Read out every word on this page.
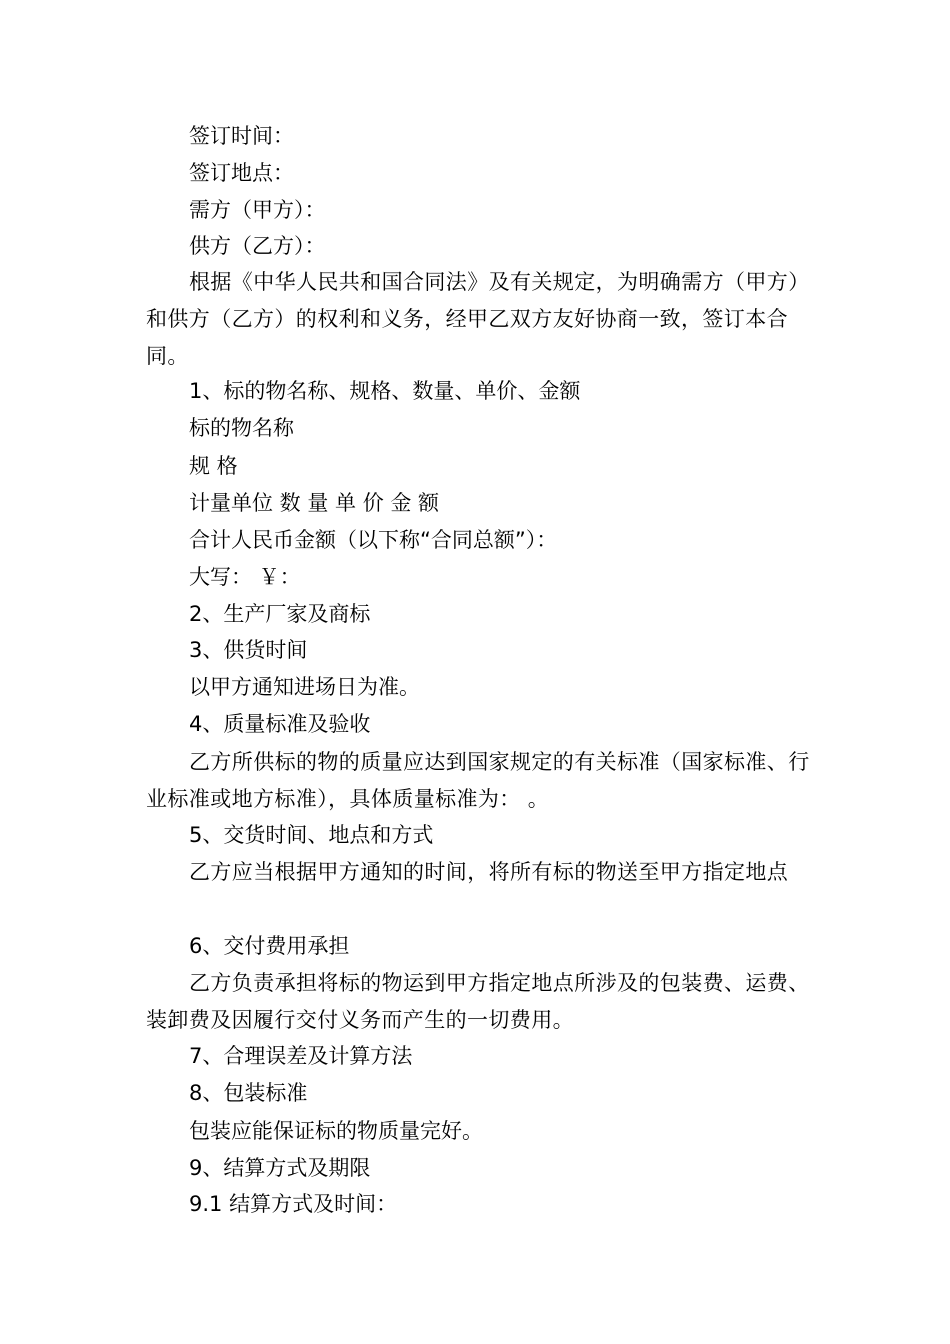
签订时间：
签订地点：
需方（甲方）：
供方（乙方）：
根据《中华人民共和国合同法》及有关规定，为明确需方（甲方）和供方（乙方）的权利和义务，经甲乙双方友好协商一致，签订本合同。
1、标的物名称、规格、数量、单价、金额
标的物名称
规 格
计量单位 数 量 单 价 金 额
合计人民币金额（以下称“合同总额”）：
大写： ￥：
2、生产厂家及商标
3、供货时间
以甲方通知进场日为准。
4、质量标准及验收
乙方所供标的物的质量应达到国家规定的有关标准（国家标准、行业标准或地方标准），具体质量标准为： 。
5、交货时间、地点和方式
乙方应当根据甲方通知的时间，将所有标的物送至甲方指定地点
6、交付费用承担
乙方负责承担将标的物运到甲方指定地点所涉及的包装费、运费、装卸费及因履行交付义务而产生的一切费用。
7、合理误差及计算方法
8、包装标准
包装应能保证标的物质量完好。
9、结算方式及期限
9.1 结算方式及时间：
